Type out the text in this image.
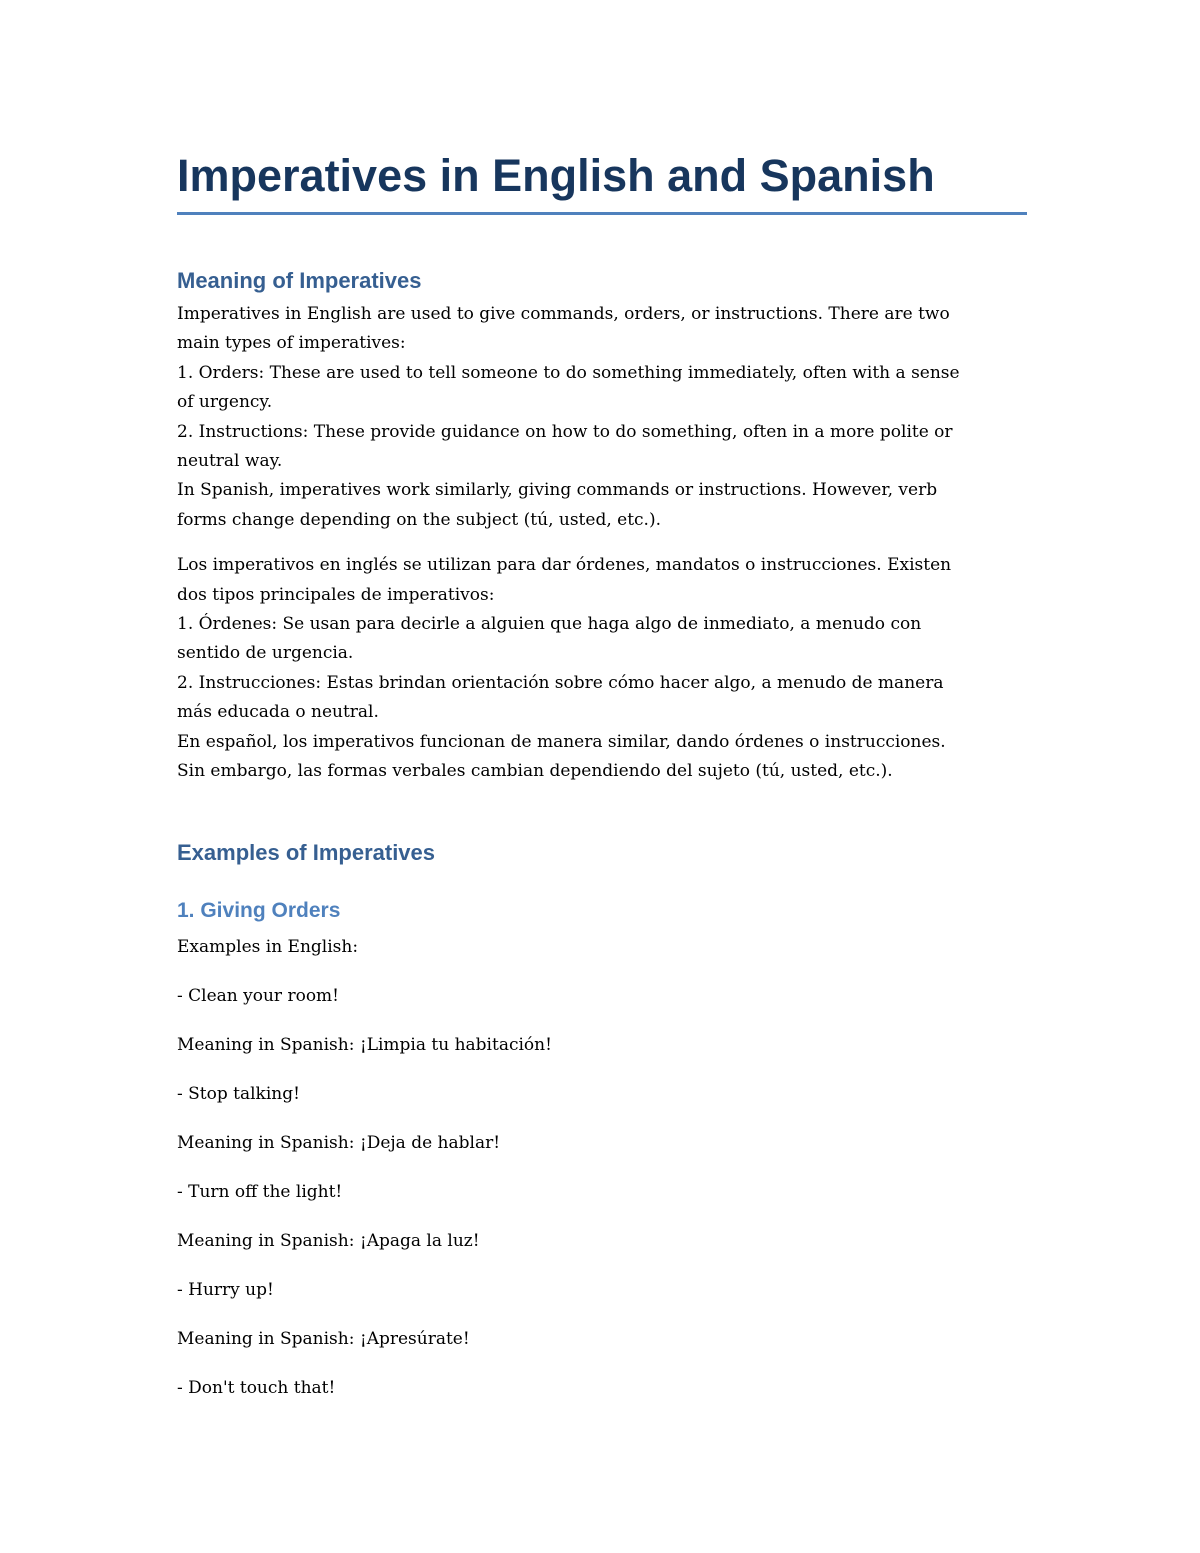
Imperatives in English and Spanish
Meaning of Imperatives

Imperatives in English are used to give commands, orders, or instructions. There are two
main types of imperatives:
1. Orders: These are used to tell someone to do something immediately, often with a sense
of urgency.
2. Instructions: These provide guidance on how to do something, often in a more polite or
neutral way.
In Spanish, imperatives work similarly, giving commands or instructions. However, verb
forms change depending on the subject (tú, usted, etc.).

Los imperativos en inglés se utilizan para dar órdenes, mandatos o instrucciones. Existen
dos tipos principales de imperativos:
1. Órdenes: Se usan para decirle a alguien que haga algo de inmediato, a menudo con
sentido de urgencia.
2. Instrucciones: Estas brindan orientación sobre cómo hacer algo, a menudo de manera
más educada o neutral.
En español, los imperativos funcionan de manera similar, dando órdenes o instrucciones.
Sin embargo, las formas verbales cambian dependiendo del sujeto (tú, usted, etc.).

Examples of Imperatives
1. Giving Orders

Examples in English:

- Clean your room!

Meaning in Spanish: ¡Limpia tu habitación!

- Stop talking!

Meaning in Spanish: ¡Deja de hablar!

- Turn off the light!

Meaning in Spanish: ¡Apaga la luz!

- Hurry up!

Meaning in Spanish: ¡Apresúrate!

- Don't touch that!
